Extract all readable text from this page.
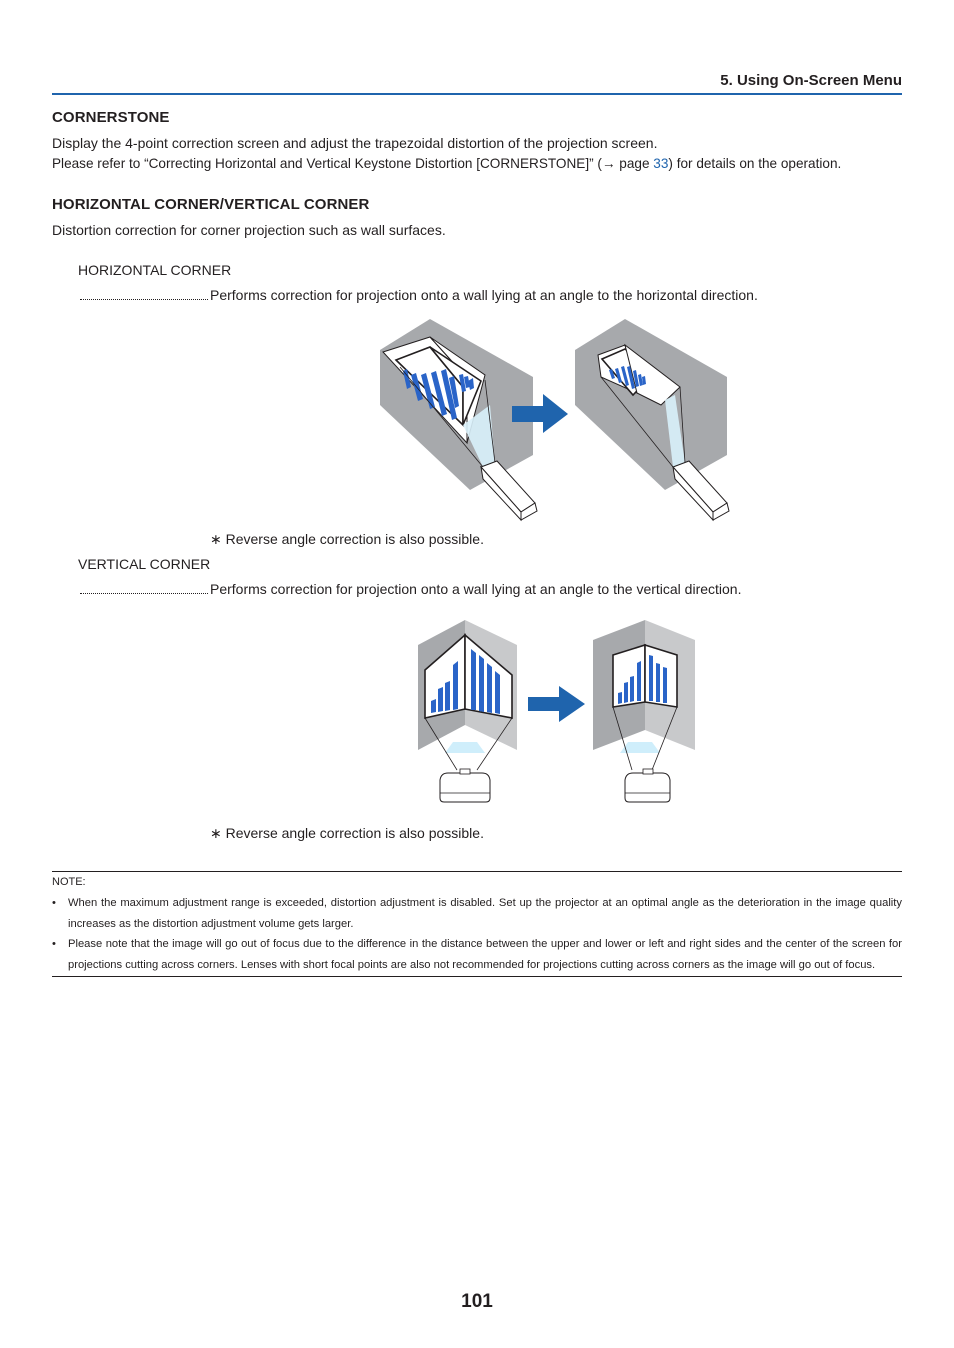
5. Using On-Screen Menu
CORNERSTONE
Display the 4-point correction screen and adjust the trapezoidal distortion of the projection screen.
Please refer to “Correcting Horizontal and Vertical Keystone Distortion [CORNERSTONE]” (→ page 33) for details on the operation.
HORIZONTAL CORNER/VERTICAL CORNER
Distortion correction for corner projection such as wall surfaces.
HORIZONTAL CORNER
Performs correction for projection onto a wall lying at an angle to the horizontal direction.
∗ Reverse angle correction is also possible.
VERTICAL CORNER
Performs correction for projection onto a wall lying at an angle to the vertical direction.
∗ Reverse angle correction is also possible.
NOTE:
• When the maximum adjustment range is exceeded, distortion adjustment is disabled. Set up the projector at an optimal angle as the deterioration in the image quality increases as the distortion adjustment volume gets larger.
• Please note that the image will go out of focus due to the difference in the distance between the upper and lower or left and right sides and the center of the screen for projections cutting across corners. Lenses with short focal points are also not recommended for projections cutting across corners as the image will go out of focus.
101
